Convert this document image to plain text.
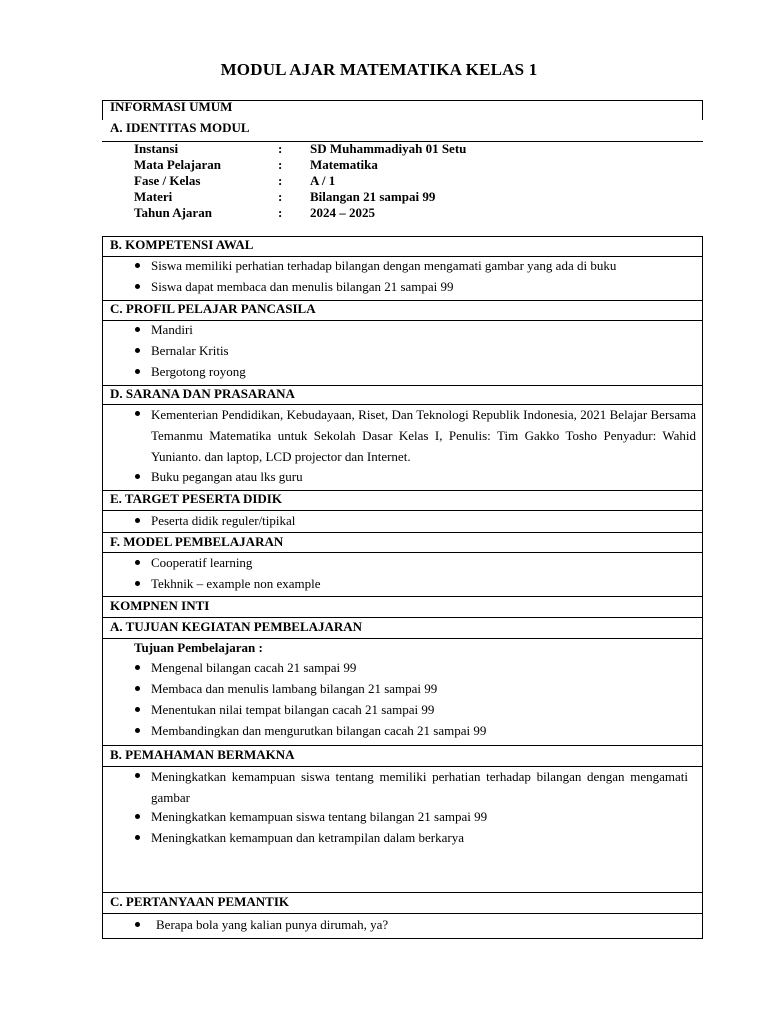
MODUL AJAR MATEMATIKA KELAS 1
INFORMASI UMUM
A. IDENTITAS MODUL
Instansi	: SD Muhammadiyah 01 Setu
Mata Pelajaran	: Matematika
Fase / Kelas	: A / 1
Materi	: Bilangan 21 sampai 99
Tahun Ajaran	: 2024 – 2025
B. KOMPETENSI AWAL
Siswa memiliki perhatian terhadap bilangan dengan mengamati gambar yang ada di buku
Siswa dapat membaca dan menulis bilangan 21 sampai 99
C. PROFIL PELAJAR PANCASILA
Mandiri
Bernalar Kritis
Bergotong royong
D. SARANA DAN PRASARANA
Kementerian Pendidikan, Kebudayaan, Riset, Dan Teknologi Republik Indonesia, 2021 Belajar Bersama Temanmu Matematika untuk Sekolah Dasar Kelas I, Penulis: Tim Gakko Tosho Penyadur: Wahid Yunianto. dan laptop, LCD projector dan Internet.
Buku pegangan atau lks guru
E. TARGET PESERTA DIDIK
Peserta didik reguler/tipikal
F. MODEL PEMBELAJARAN
Cooperatif learning
Tekhnik – example non example
KOMPNEN INTI
A. TUJUAN KEGIATAN PEMBELAJARAN
Tujuan Pembelajaran :
Mengenal bilangan cacah 21 sampai 99
Membaca dan menulis lambang bilangan 21 sampai 99
Menentukan nilai tempat bilangan cacah 21 sampai 99
Membandingkan dan mengurutkan bilangan cacah 21 sampai 99
B. PEMAHAMAN BERMAKNA
Meningkatkan kemampuan siswa tentang memiliki perhatian terhadap bilangan dengan mengamati gambar
Meningkatkan kemampuan siswa tentang bilangan 21 sampai 99
Meningkatkan kemampuan dan ketrampilan dalam berkarya
C. PERTANYAAN PEMANTIK
Berapa bola yang kalian punya dirumah, ya?
